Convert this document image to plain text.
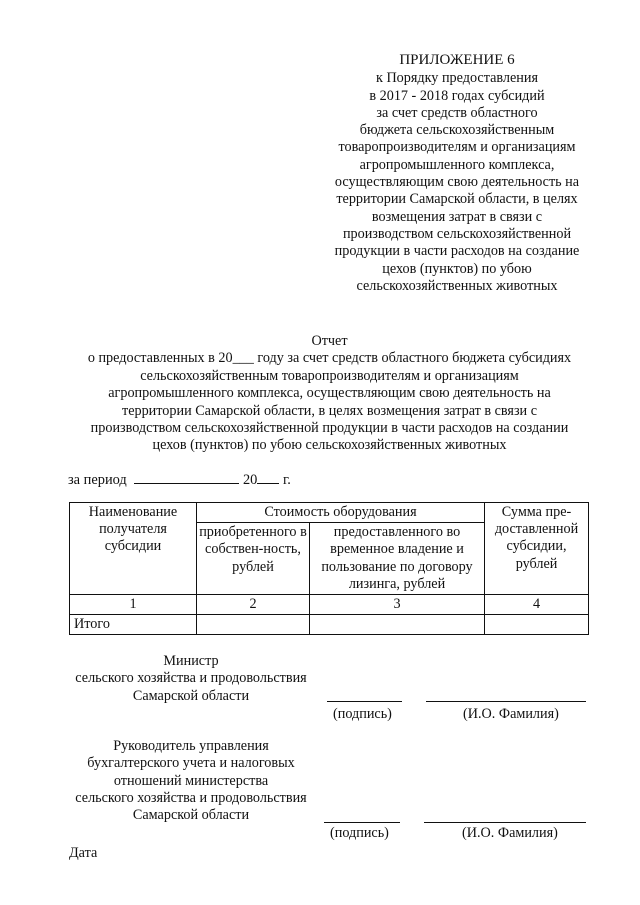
ПРИЛОЖЕНИЕ 6
к Порядку предоставления
в 2017 - 2018 годах субсидий
за счет средств областного
бюджета сельскохозяйственным
товаропроизводителям и организациям
агропромышленного комплекса,
осуществляющим свою деятельность на
территории Самарской области, в целях
возмещения затрат в связи с
производством сельскохозяйственной
продукции в части расходов на создание
цехов (пунктов) по убою
сельскохозяйственных животных
Отчет
о предоставленных в 20___ году за счет средств областного бюджета субсидиях
сельскохозяйственным товаропроизводителям и организациям
агропромышленного комплекса, осуществляющим свою деятельность на
территории Самарской области, в целях возмещения затрат в связи с
производством сельскохозяйственной продукции в части расходов на создании
цехов (пунктов) по убою сельскохозяйственных животных
за период	20 г.
Наименование получателя субсидии	Стоимость оборудования		Сумма пре-доставленной субсидии, рублей
	приобретенного в собствен-ность, рублей	предоставленного во временное владение и пользование по договору лизинга, рублей	
1	2	3	4
Итого			
Министр
сельского хозяйства и продовольствия
Самарской области
(подпись)	(И.О. Фамилия)
Руководитель управления
бухгалтерского учета и налоговых
отношений министерства
сельского хозяйства и продовольствия
Самарской области
(подпись)	(И.О. Фамилия)
Дата
